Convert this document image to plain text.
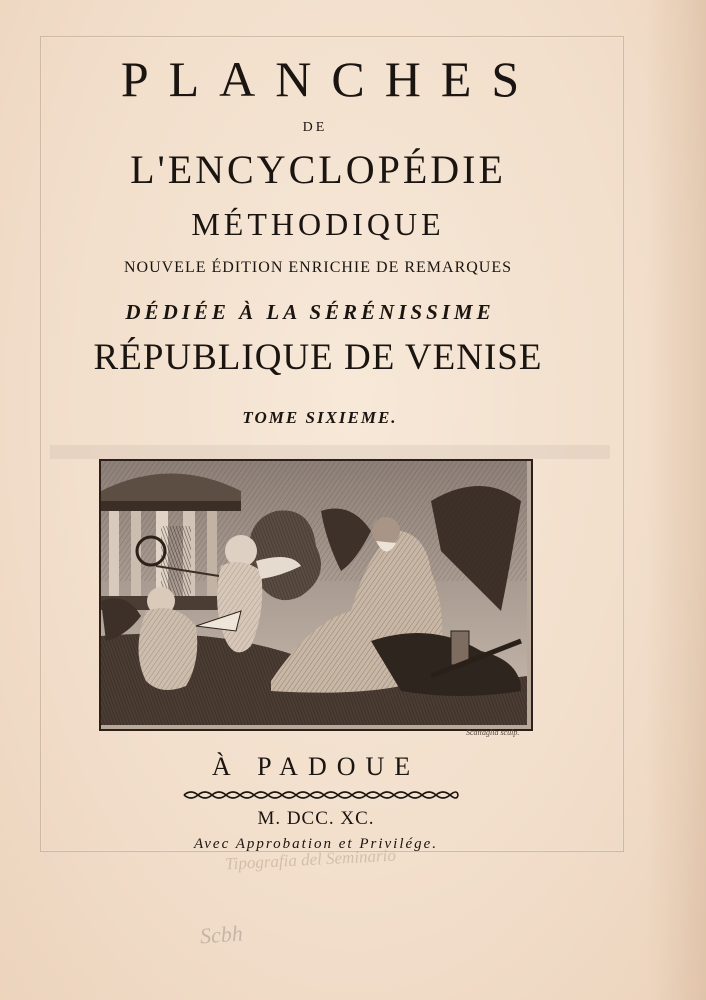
PLANCHES
DE
L'ENCYCLOPÉDIE
MÉTHODIQUE
NOUVELE ÉDITION ENRICHIE DE REMARQUES
DÉDIÉE À LA SÉRÉNISSIME
RÉPUBLIQUE DE VENISE
TOME SIXIEME.
Scattaglia sculp.
À PADOUE
M. DCC. XC.
Avec Approbation et Privilége.
Tipografia del Seminario
Scbh
